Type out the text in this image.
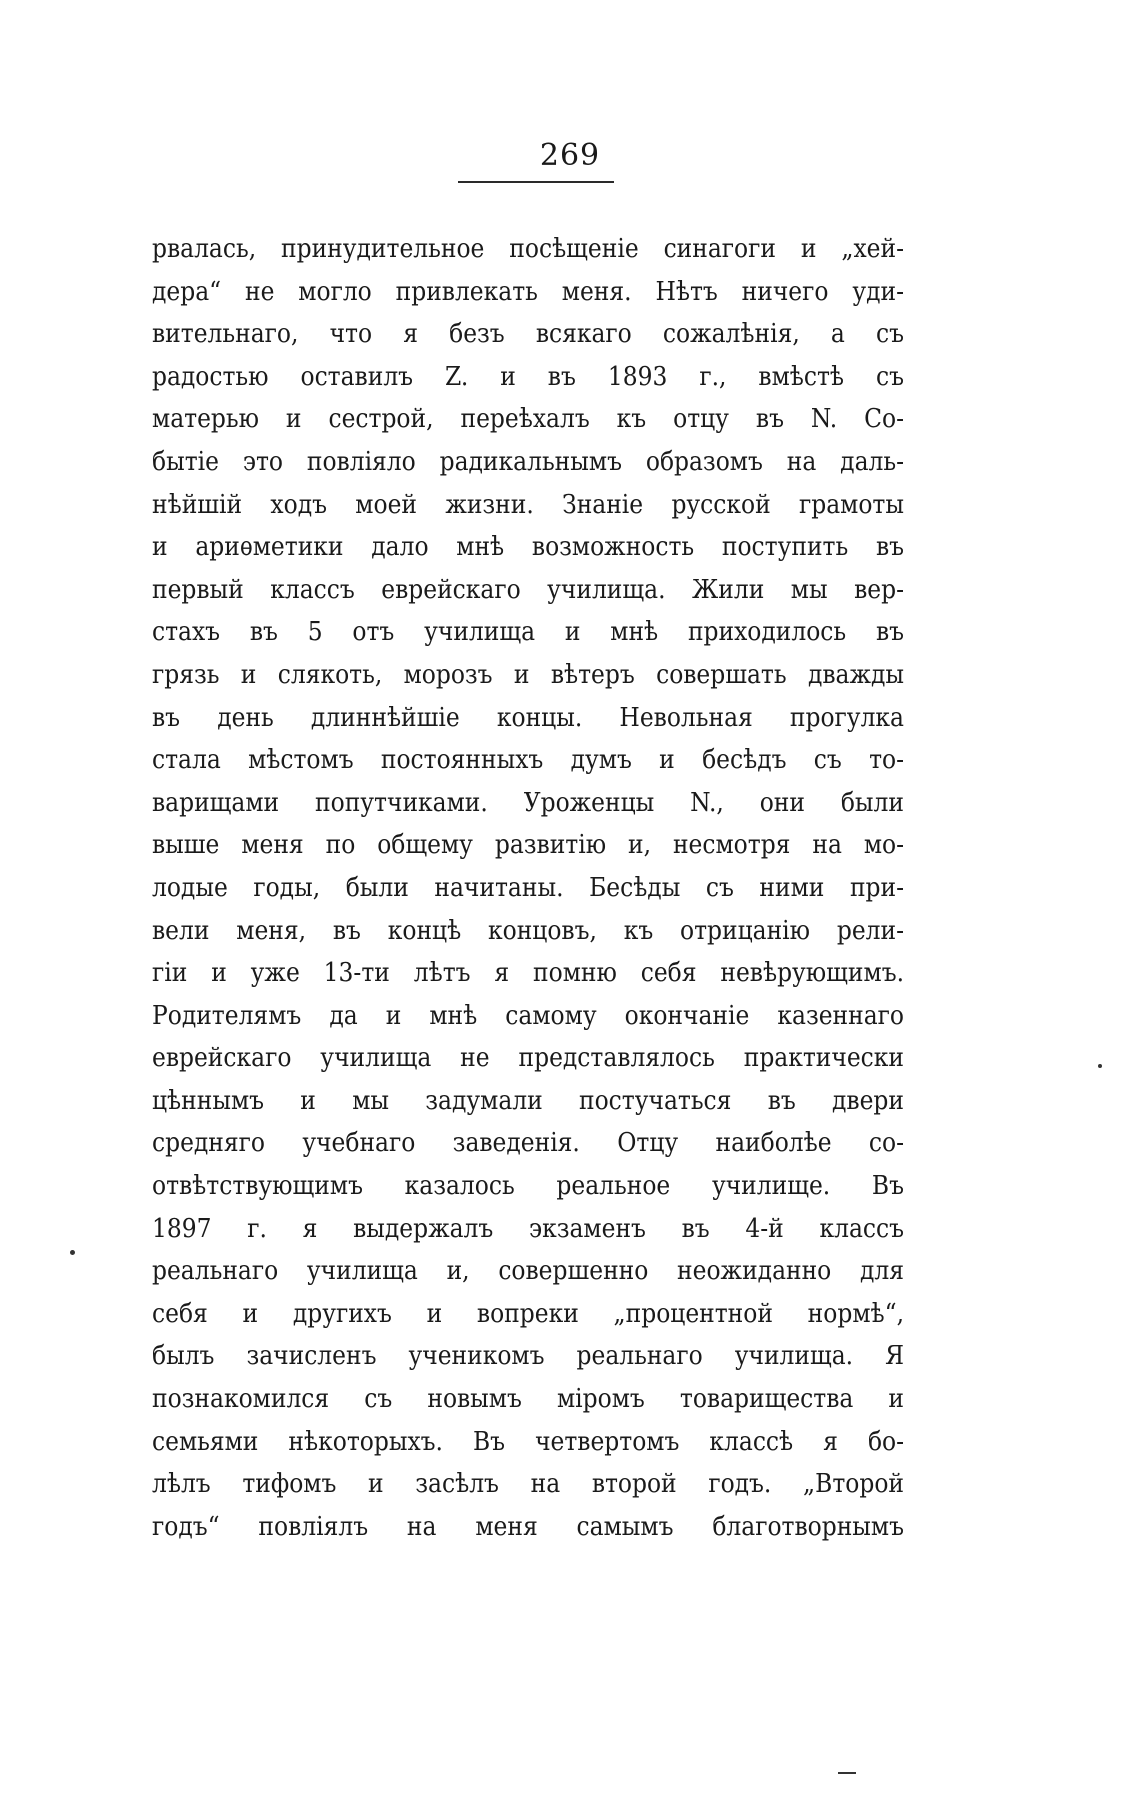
269
рвалась, принудительное посѣщеніе синагоги и „хей-
дера“ не могло привлекать меня. Нѣтъ ничего уди-
вительнаго, что я безъ всякаго сожалѣнія, а съ
радостью оставилъ Z. и въ 1893 г., вмѣстѣ съ
матерью и сестрой, переѣхалъ къ отцу въ N. Со-
бытіе это повліяло радикальнымъ образомъ на даль-
нѣйшій ходъ моей жизни. Знаніе русской грамоты
и ариѳметики дало мнѣ возможность поступить въ
первый классъ еврейскаго училища. Жили мы вер-
стахъ въ 5 отъ училища и мнѣ приходилось въ
грязь и слякоть, морозъ и вѣтеръ совершать дважды
въ день длиннѣйшіе концы. Невольная прогулка
стала мѣстомъ постоянныхъ думъ и бесѣдъ съ то-
варищами попутчиками. Уроженцы N., они были
выше меня по общему развитію и, несмотря на мо-
лодые годы, были начитаны. Бесѣды съ ними при-
вели меня, въ концѣ концовъ, къ отрицанію рели-
гіи и уже 13-ти лѣтъ я помню себя невѣрующимъ.
Родителямъ да и мнѣ самому окончаніе казеннаго
еврейскаго училища не представлялось практически
цѣннымъ и мы задумали постучаться въ двери
средняго учебнаго заведенія. Отцу наиболѣе со-
отвѣтствующимъ казалось реальное училище. Въ
1897 г. я выдержалъ экзаменъ въ 4-й классъ
реальнаго училища и, совершенно неожиданно для
себя и другихъ и вопреки „процентной нормѣ“,
былъ зачисленъ ученикомъ реальнаго училища. Я
познакомился съ новымъ міромъ товарищества и
семьями нѣкоторыхъ. Въ четвертомъ классѣ я бо-
лѣлъ тифомъ и засѣлъ на второй годъ. „Второй
годъ“ повліялъ на меня самымъ благотворнымъ
